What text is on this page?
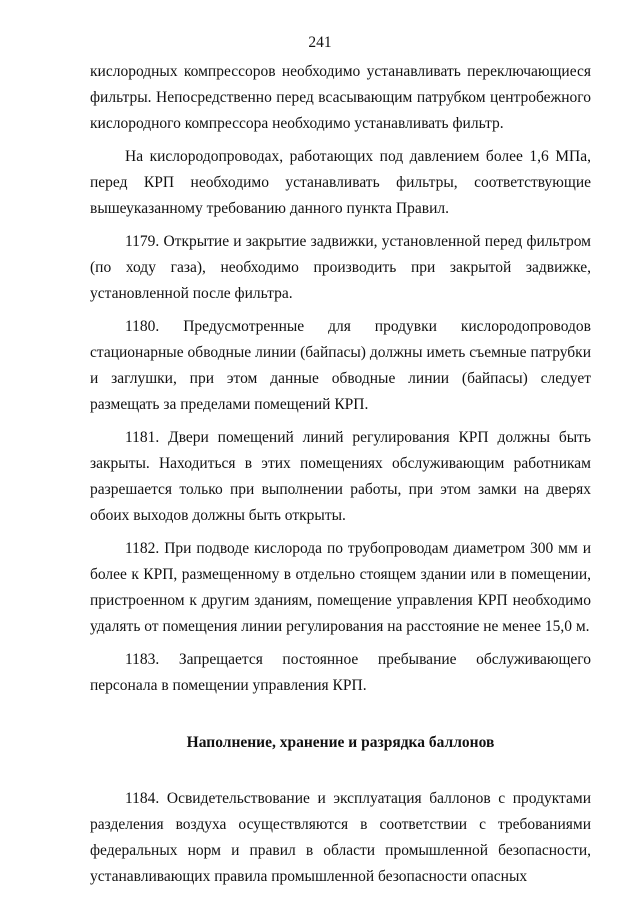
241

кислородных компрессоров необходимо устанавливать переключающиеся фильтры. Непосредственно перед всасывающим патрубком центробежного кислородного компрессора необходимо устанавливать фильтр.

На кислородопроводах, работающих под давлением более 1,6 МПа, перед КРП необходимо устанавливать фильтры, соответствующие вышеуказанному требованию данного пункта Правил.

1179. Открытие и закрытие задвижки, установленной перед фильтром (по ходу газа), необходимо производить при закрытой задвижке, установленной после фильтра.

1180. Предусмотренные для продувки кислородопроводов стационарные обводные линии (байпасы) должны иметь съемные патрубки и заглушки, при этом данные обводные линии (байпасы) следует размещать за пределами помещений КРП.

1181. Двери помещений линий регулирования КРП должны быть закрыты. Находиться в этих помещениях обслуживающим работникам разрешается только при выполнении работы, при этом замки на дверях обоих выходов должны быть открыты.

1182. При подводе кислорода по трубопроводам диаметром 300 мм и более к КРП, размещенному в отдельно стоящем здании или в помещении, пристроенном к другим зданиям, помещение управления КРП необходимо удалять от помещения линии регулирования на расстояние не менее 15,0 м.

1183. Запрещается постоянное пребывание обслуживающего персонала в помещении управления КРП.

Наполнение, хранение и разрядка баллонов

1184. Освидетельствование и эксплуатация баллонов с продуктами разделения воздуха осуществляются в соответствии с требованиями федеральных норм и правил в области промышленной безопасности, устанавливающих правила промышленной безопасности опасных
